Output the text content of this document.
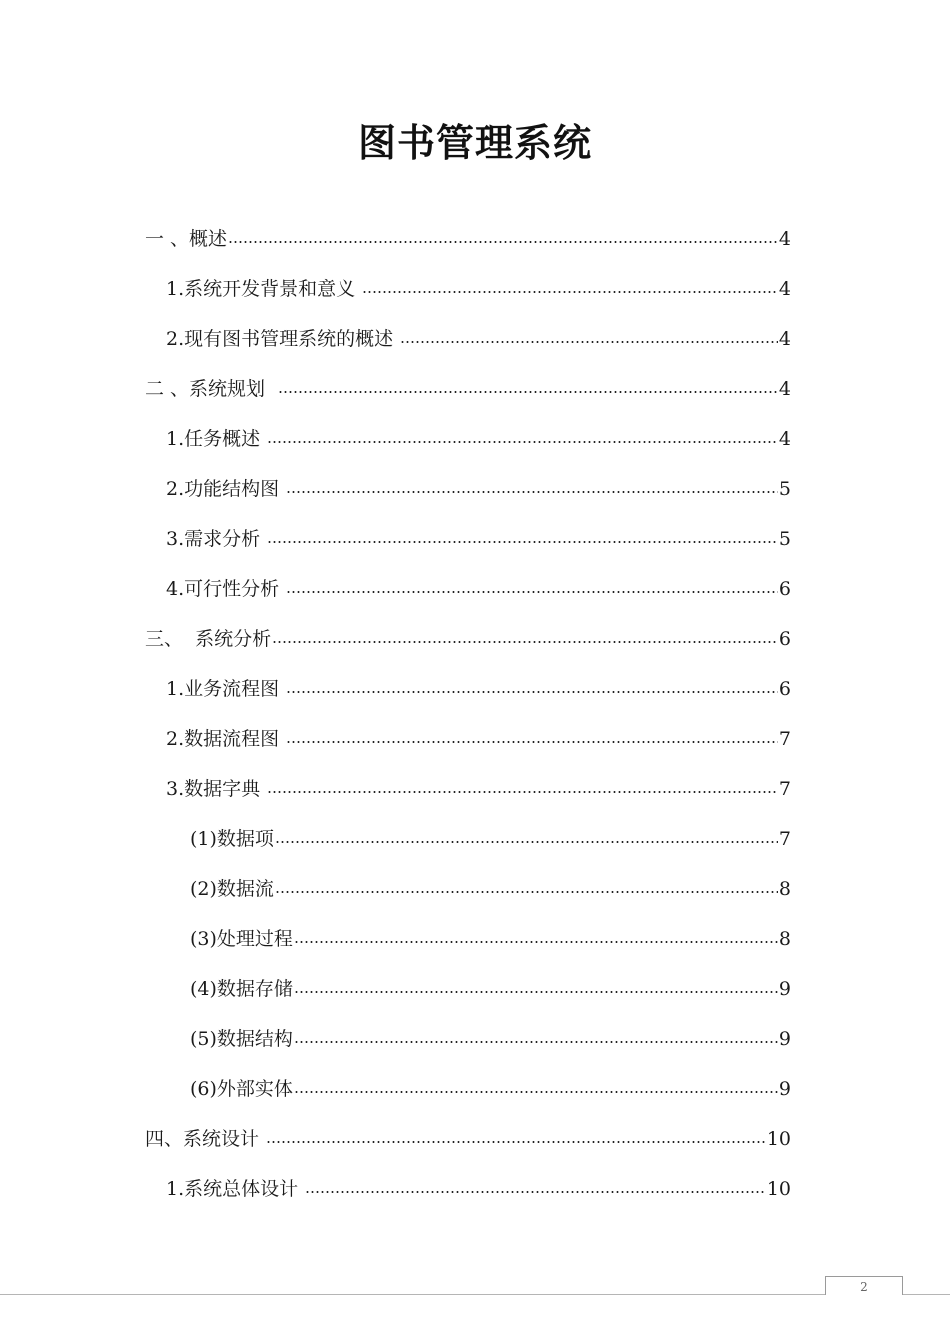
图书管理系统
一 、概述	4
1.系统开发背景和意义	4
2.现有图书管理系统的概述	4
二 、系统规划	4
1.任务概述	4
2.功能结构图	5
3.需求分析	5
4.可行性分析	6
三、  系统分析	6
1.业务流程图	6
2.数据流程图	7
3.数据字典	7
(1)数据项	7
(2)数据流	8
(3)处理过程	8
(4)数据存储	9
(5)数据结构	9
(6)外部实体	9
四、系统设计	10
1.系统总体设计	10
2
